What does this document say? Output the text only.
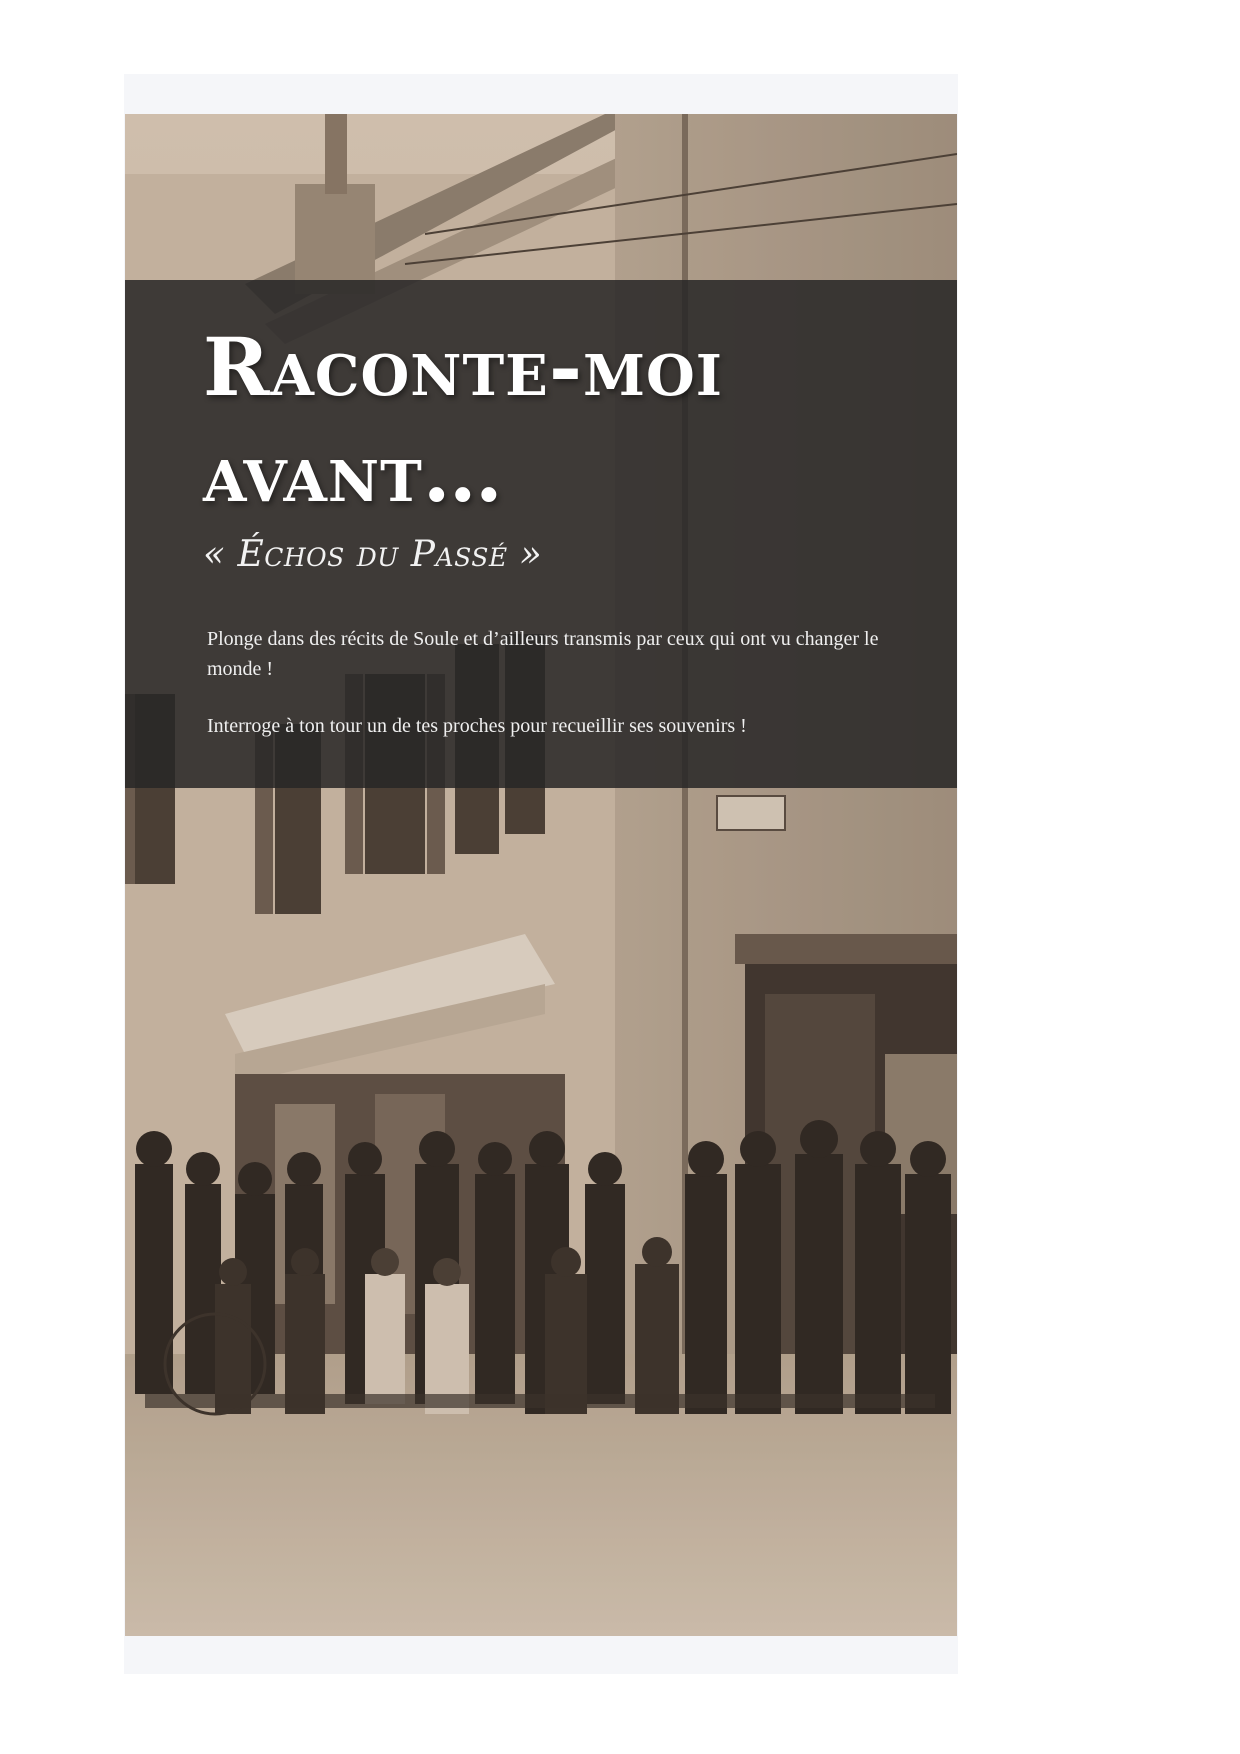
Raconte-moi
avant…

« Échos du Passé »

Plonge dans des récits de Soule et d’ailleurs transmis par ceux qui ont vu changer le monde !

Interroge à ton tour un de tes proches pour recueillir ses souvenirs !
